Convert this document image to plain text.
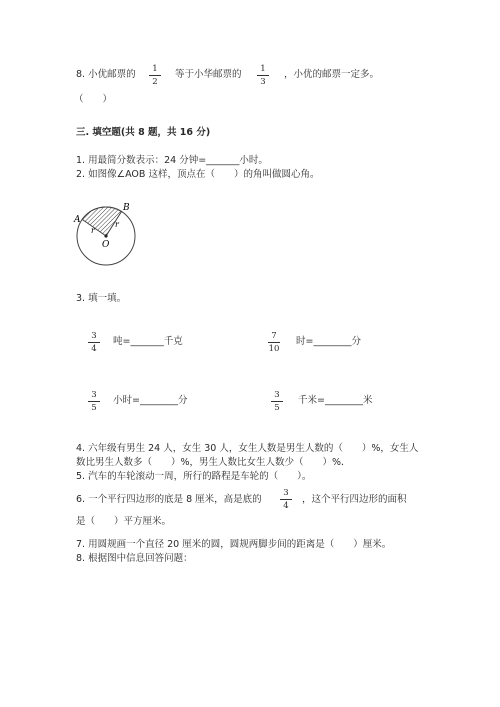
8. 小优邮票的	1
2
等于小华邮票的	1
3
，小优的邮票一定多。
（　　）
三. 填空题(共 8 题，共 16 分)
1. 用最简分数表示：24 分钟=_______小时。
2. 如图像∠AOB 这样，顶点在（　　）的角叫做圆心角。
A
B
O
r
r
3. 填一填。
3
4
吨=_______千克	7
10
时=________分
3
5
小时=________分	3
5
千米=________米
4. 六年级有男生 24 人，女生 30 人，女生人数是男生人数的（　　）%，女生人
数比男生人数多（　　）%，男生人数比女生人数少（　　）%．
5. 汽车的车轮滚动一周，所行的路程是车轮的（　　）。
6. 一个平行四边形的底是 8 厘米，高是底的
3
4
，这个平行四边形的面积
是（　　）平方厘米。
7. 用圆规画一个直径 20 厘米的圆，圆规两脚步间的距离是（　　）厘米。
8. 根据图中信息回答问题：
